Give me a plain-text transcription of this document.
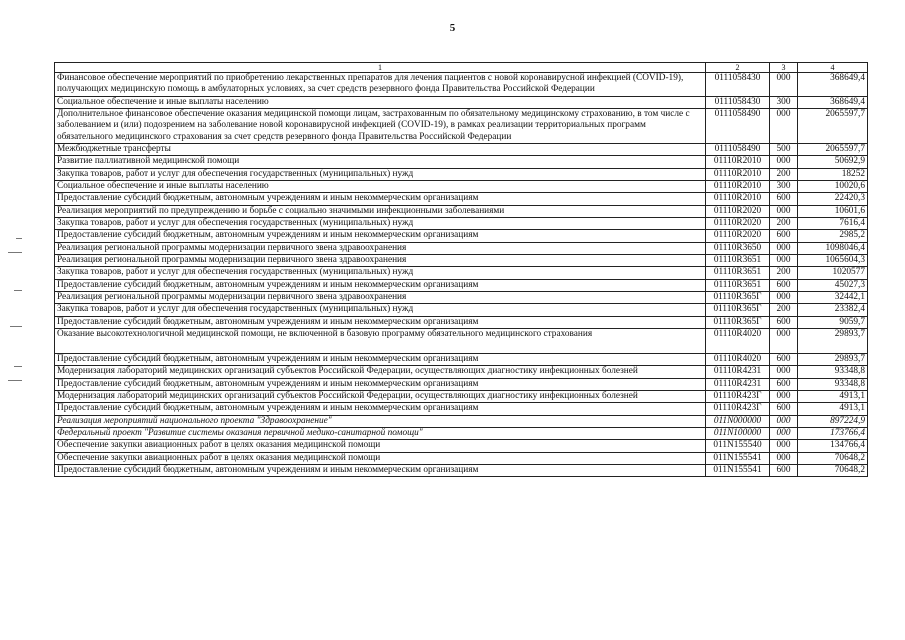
5
1	2	3	4
Финансовое обеспечение мероприятий по приобретению лекарственных препаратов для лечения пациентов с новой коронавирусной инфекцией (COVID-19), получающих медицинскую помощь в амбулаторных условиях, за счет средств резервного фонда Правительства Российской Федерации	0111058430	000	368649,4
Социальное обеспечение и иные выплаты населению	0111058430	300	368649,4
Дополнительное финансовое обеспечение оказания медицинской помощи лицам, застрахованным по обязательному медицинскому страхованию, в том числе с заболеванием и (или) подозрением на заболевание новой коронавирусной инфекцией (COVID-19), в рамках реализации территориальных программ обязательного медицинского страхования за счет средств резервного фонда Правительства Российской Федерации	0111058490	000	2065597,7
Межбюджетные трансферты	0111058490	500	2065597,7
Развитие паллиативной медицинской помощи	01110R2010	000	50692,9
Закупка товаров, работ и услуг для обеспечения государственных (муниципальных) нужд	01110R2010	200	18252
Социальное обеспечение и иные выплаты населению	01110R2010	300	10020,6
Предоставление субсидий бюджетным, автономным учреждениям и иным некоммерческим организациям	01110R2010	600	22420,3
Реализация мероприятий по предупреждению и борьбе с социально значимыми инфекционными заболеваниями	01110R2020	000	10601,6
Закупка товаров, работ и услуг для обеспечения государственных (муниципальных) нужд	01110R2020	200	7616,4
Предоставление субсидий бюджетным, автономным учреждениям и иным некоммерческим организациям	01110R2020	600	2985,2
Реализация региональной программы модернизации первичного звена здравоохранения	01110R3650	000	1098046,4
Реализация региональной программы модернизации первичного звена здравоохранения	01110R3651	000	1065604,3
Закупка товаров, работ и услуг для обеспечения государственных (муниципальных) нужд	01110R3651	200	1020577
Предоставление субсидий бюджетным, автономным учреждениям и иным некоммерческим организациям	01110R3651	600	45027,3
Реализация региональной программы модернизации первичного звена здравоохранения	01110R365Г	000	32442,1
Закупка товаров, работ и услуг для обеспечения государственных (муниципальных) нужд	01110R365Г	200	23382,4
Предоставление субсидий бюджетным, автономным учреждениям и иным некоммерческим организациям	01110R365Г	600	9059,7
Оказание высокотехнологичной медицинской помощи, не включенной в базовую программу обязательного медицинского страхования	01110R4020	000	29893,7
Предоставление субсидий бюджетным, автономным учреждениям и иным некоммерческим организациям	01110R4020	600	29893,7
Модернизация лабораторий медицинских организаций субъектов Российской Федерации, осуществляющих диагностику инфекционных болезней	01110R4231	000	93348,8
Предоставление субсидий бюджетным, автономным учреждениям и иным некоммерческим организациям	01110R4231	600	93348,8
Модернизация лабораторий медицинских организаций субъектов Российской Федерации, осуществляющих диагностику инфекционных болезней	01110R423Г	000	4913,1
Предоставление субсидий бюджетным, автономным учреждениям и иным некоммерческим организациям	01110R423Г	600	4913,1
Реализация мероприятий национального проекта "Здравоохранение"	011N000000	000	897224,9
Федеральный проект "Развитие системы оказания первичной медико-санитарной помощи"	011N100000	000	173766,4
Обеспечение закупки авиационных работ в целях оказания медицинской помощи	011N155540	000	134766,4
Обеспечение закупки авиационных работ в целях оказания медицинской помощи	011N155541	000	70648,2
Предоставление субсидий бюджетным, автономным учреждениям и иным некоммерческим организациям	011N155541	600	70648,2
